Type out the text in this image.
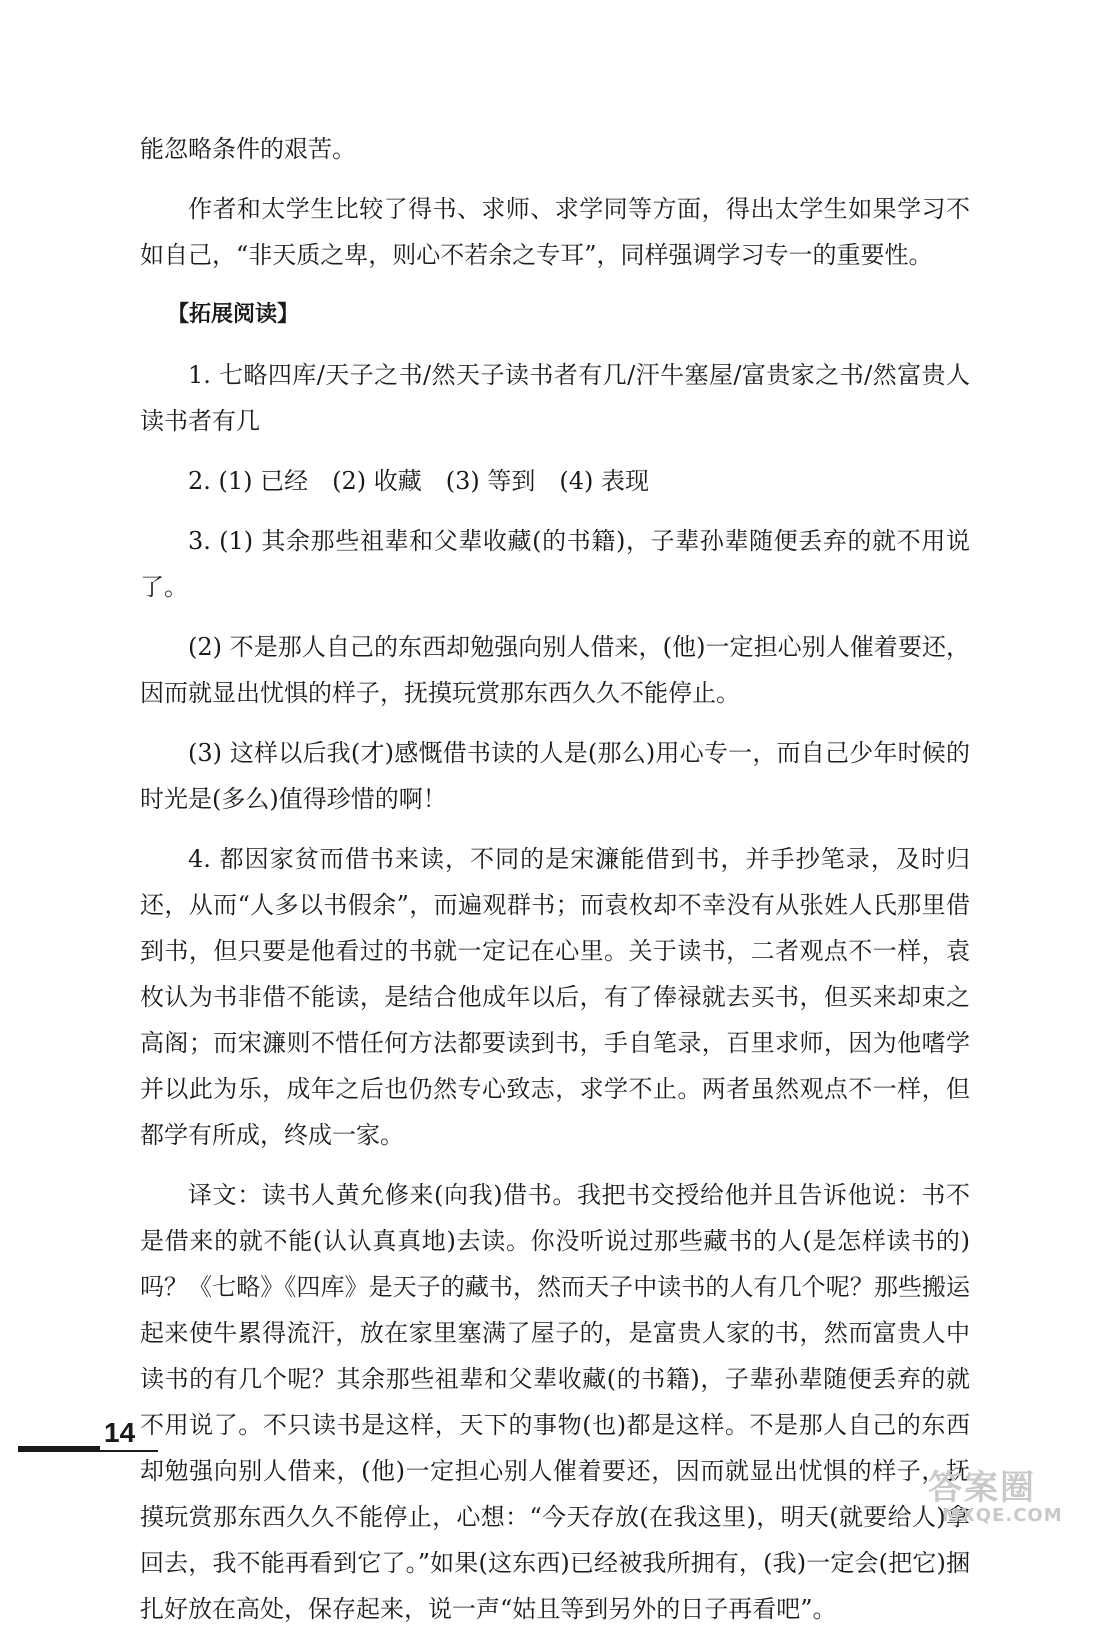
能忽略条件的艰苦。

作者和太学生比较了得书、求师、求学同等方面，得出太学生如果学习不如自己，“非天质之卑，则心不若余之专耳”，同样强调学习专一的重要性。

【拓展阅读】

1. 七略四库/天子之书/然天子读书者有几/汗牛塞屋/富贵家之书/然富贵人读书者有几

2. (1) 已经　(2) 收藏　(3) 等到　(4) 表现

3. (1) 其余那些祖辈和父辈收藏(的书籍)，子辈孙辈随便丢弃的就不用说了。

(2) 不是那人自己的东西却勉强向别人借来，(他)一定担心别人催着要还，因而就显出忧惧的样子，抚摸玩赏那东西久久不能停止。

(3) 这样以后我(才)感慨借书读的人是(那么)用心专一，而自己少年时候的时光是(多么)值得珍惜的啊！

4. 都因家贫而借书来读，不同的是宋濂能借到书，并手抄笔录，及时归还，从而“人多以书假余”，而遍观群书；而袁枚却不幸没有从张姓人氏那里借到书，但只要是他看过的书就一定记在心里。关于读书，二者观点不一样，袁枚认为书非借不能读，是结合他成年以后，有了俸禄就去买书，但买来却束之高阁；而宋濂则不惜任何方法都要读到书，手自笔录，百里求师，因为他嗜学并以此为乐，成年之后也仍然专心致志，求学不止。两者虽然观点不一样，但都学有所成，终成一家。

译文：读书人黄允修来(向我)借书。我把书交授给他并且告诉他说：书不是借来的就不能(认认真真地)去读。你没听说过那些藏书的人(是怎样读书的)吗？《七略》《四库》是天子的藏书，然而天子中读书的人有几个呢？那些搬运起来使牛累得流汗，放在家里塞满了屋子的，是富贵人家的书，然而富贵人中读书的有几个呢？其余那些祖辈和父辈收藏(的书籍)，子辈孙辈随便丢弃的就不用说了。不只读书是这样，天下的事物(也)都是这样。不是那人自己的东西却勉强向别人借来，(他)一定担心别人催着要还，因而就显出忧惧的样子，抚摸玩赏那东西久久不能停止，心想：“今天存放(在我这里)，明天(就要给人)拿回去，我不能再看到它了。”如果(这东西)已经被我所拥有，(我)一定会(把它)捆扎好放在高处，保存起来，说一声“姑且等到另外的日子再看吧”。

14
答案圈
MXQE.COM
